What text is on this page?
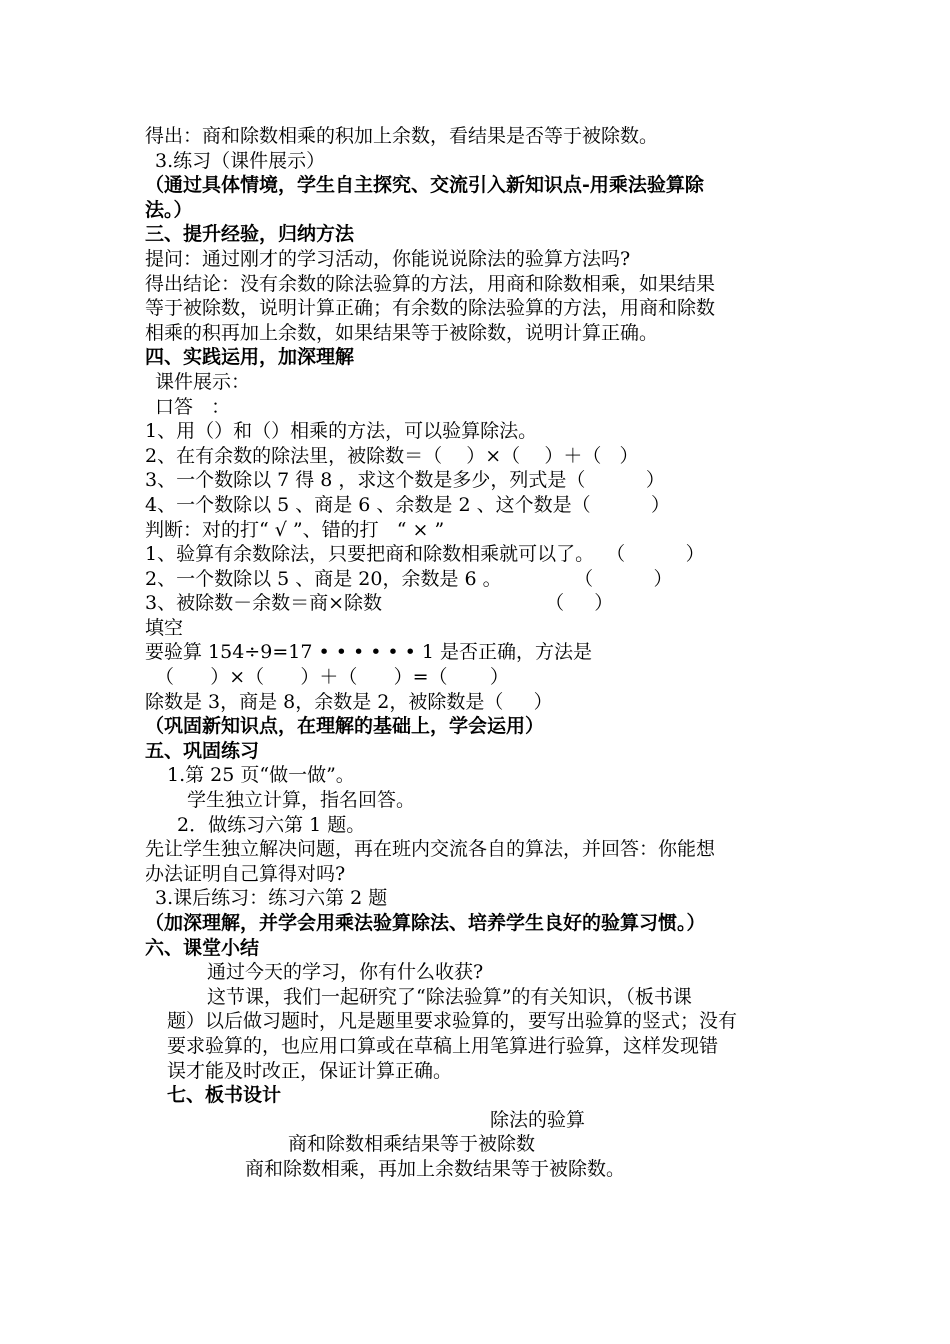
得出：商和除数相乘的积加上余数，看结果是否等于被除数。
3.练习（课件展示）
（通过具体情境，学生自主探究、交流引入新知识点-用乘法验算除
法。）
三、提升经验，归纳方法
提问：通过刚才的学习活动，你能说说除法的验算方法吗?
得出结论：没有余数的除法验算的方法，用商和除数相乘，如果结果
等于被除数，说明计算正确；有余数的除法验算的方法，用商和除数
相乘的积再加上余数，如果结果等于被除数，说明计算正确。
四、实践运用，加深理解
课件展示：
口答   ：
1、用（）和（）相乘的方法，可以验算除法。
2、在有余数的除法里，被除数＝（    ）×（    ）＋（   ）
3、一个数除以 7 得 8 ，求这个数是多少，列式是（          ）
4、一个数除以 5 、商是 6 、余数是 2 、这个数是（          ）
判断：对的打“ √ ”、错的打   “ × ”
1、验算有余数除法，只要把商和除数相乘就可以了。  （          ）
2、一个数除以 5 、商是 20，余数是 6 。            （          ）
3、被除数－余数＝商×除数                           （     ）
填空
要验算 154÷9=17 • • • • • • 1 是否正确，方法是
（      ）×（      ）＋（      ）=（       ）
除数是 3，商是 8，余数是 2，被除数是（     ）
（巩固新知识点，在理解的基础上，学会运用）
五、巩固练习
1.第 25 页“做一做”。
学生独立计算，指名回答。
2．做练习六第 1 题。
先让学生独立解决问题，再在班内交流各自的算法，并回答：你能想
办法证明自己算得对吗?
3.课后练习：练习六第 2 题
（加深理解，并学会用乘法验算除法、培养学生良好的验算习惯。）
六、课堂小结
通过今天的学习，你有什么收获?
这节课，我们一起研究了“除法验算”的有关知识，（板书课
题）以后做习题时，凡是题里要求验算的，要写出验算的竖式；没有
要求验算的，也应用口算或在草稿上用笔算进行验算，这样发现错
误才能及时改正，保证计算正确。
七、板书设计
除法的验算
商和除数相乘结果等于被除数
商和除数相乘，再加上余数结果等于被除数。
